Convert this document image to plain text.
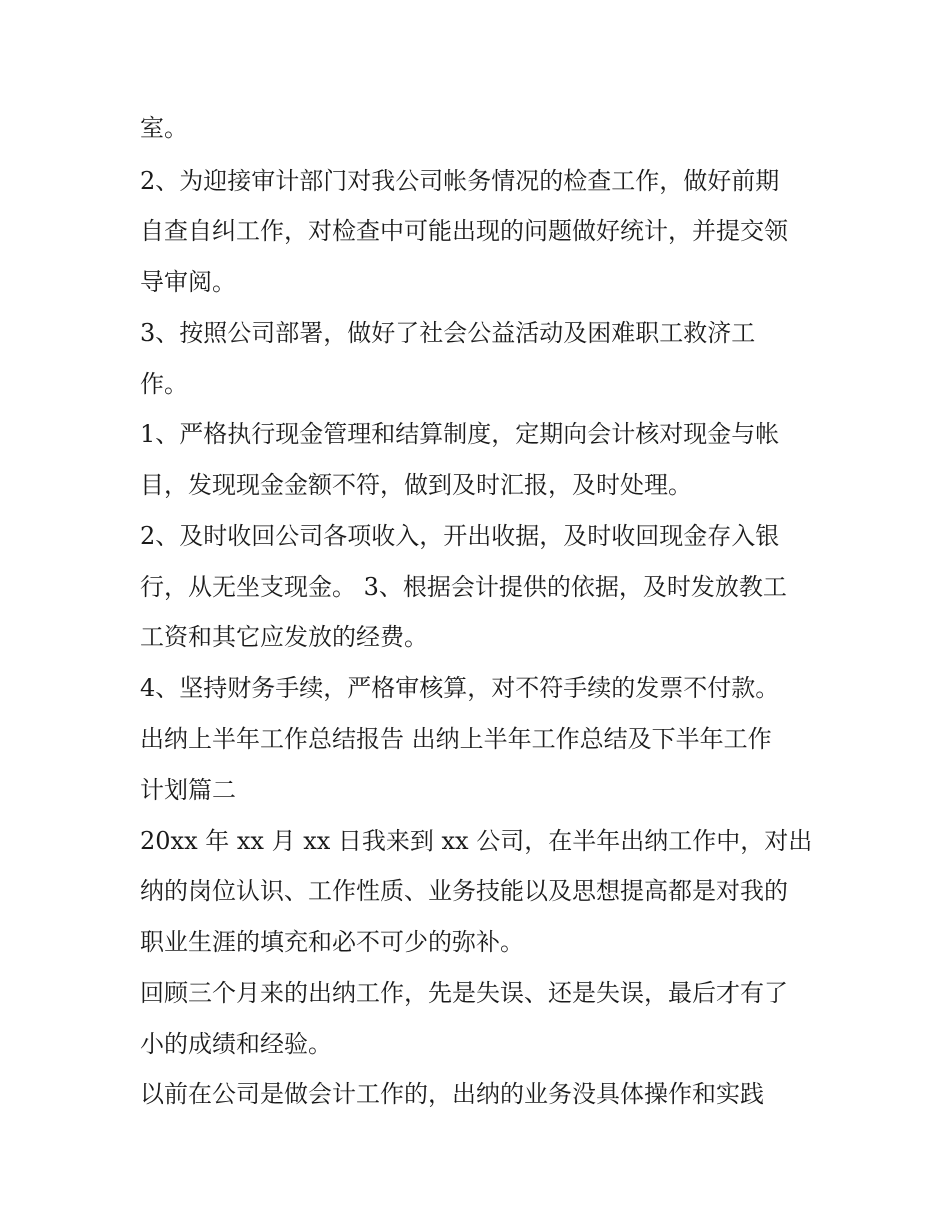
室。
2、为迎接审计部门对我公司帐务情况的检查工作，做好前期
自查自纠工作，对检查中可能出现的问题做好统计，并提交领
导审阅。
3、按照公司部署，做好了社会公益活动及困难职工救济工
作。
1、严格执行现金管理和结算制度，定期向会计核对现金与帐
目，发现现金金额不符，做到及时汇报，及时处理。
2、及时收回公司各项收入，开出收据，及时收回现金存入银
行，从无坐支现金。 3、根据会计提供的依据，及时发放教工
工资和其它应发放的经费。
4、坚持财务手续，严格审核算，对不符手续的发票不付款。
出纳上半年工作总结报告 出纳上半年工作总结及下半年工作
计划篇二
20xx 年 xx 月 xx 日我来到 xx 公司，在半年出纳工作中，对出
纳的岗位认识、工作性质、业务技能以及思想提高都是对我的
职业生涯的填充和必不可少的弥补。
回顾三个月来的出纳工作，先是失误、还是失误，最后才有了
小的成绩和经验。
以前在公司是做会计工作的，出纳的业务没具体操作和实践
